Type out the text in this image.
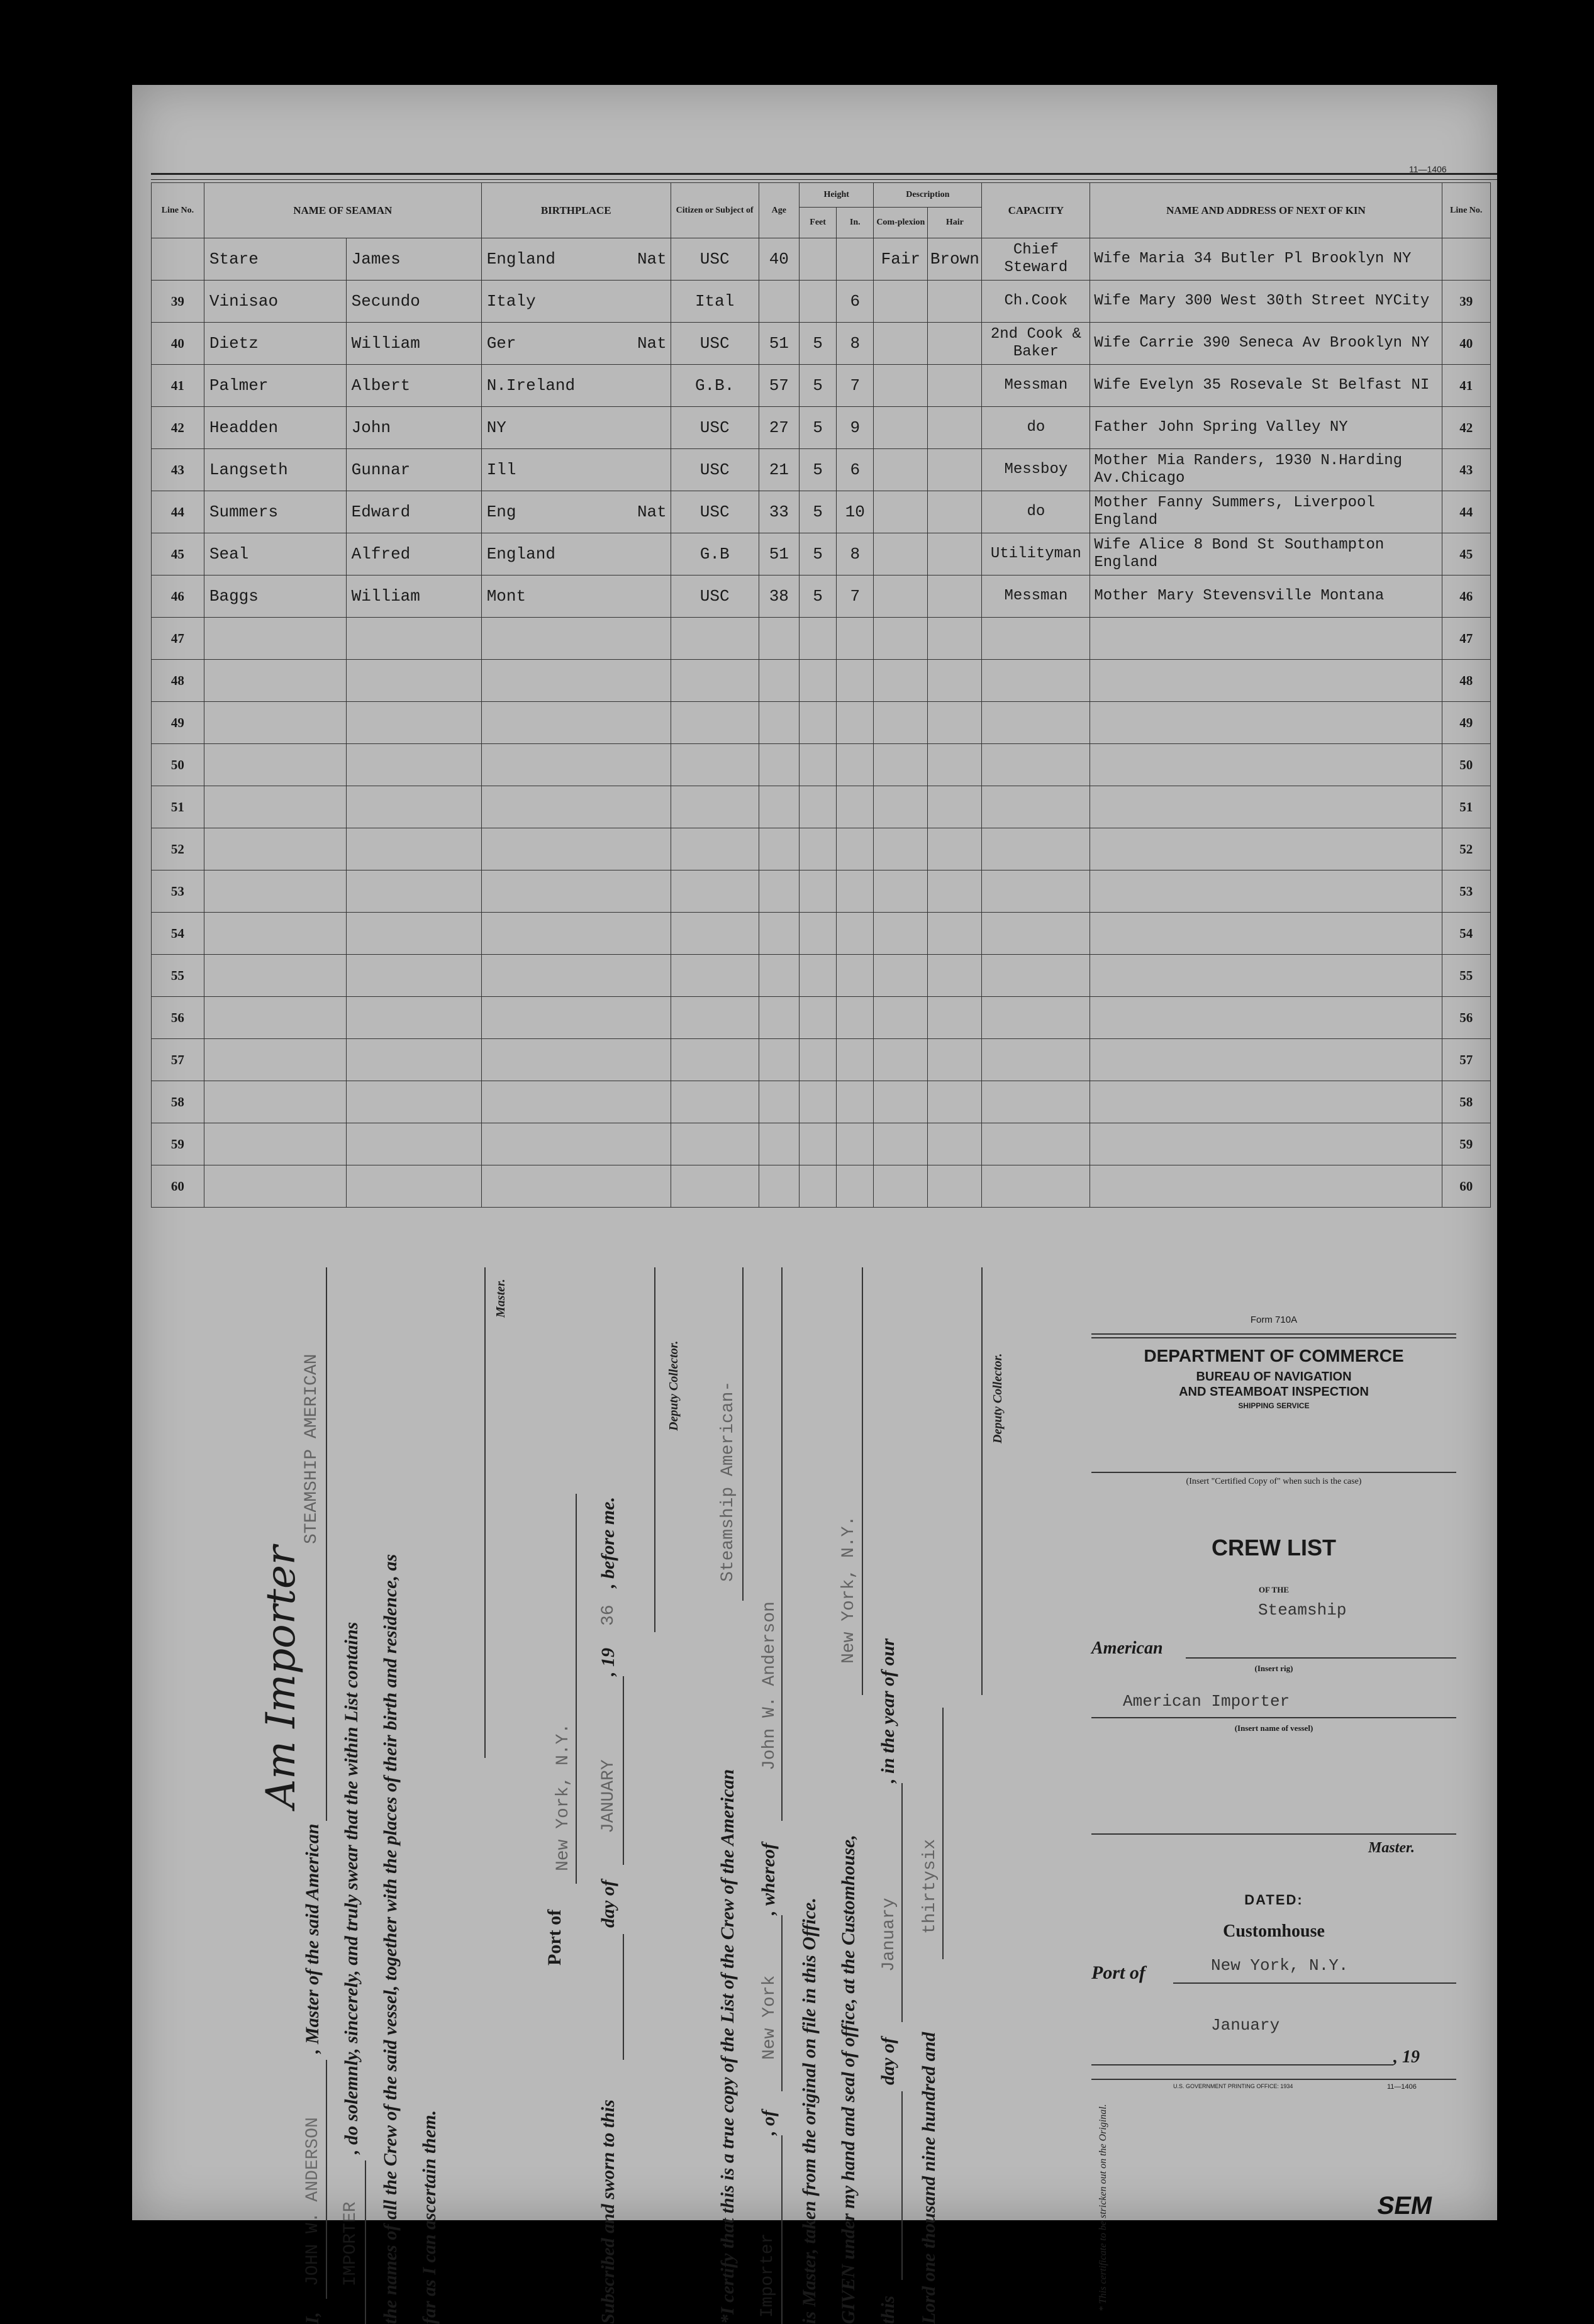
11—1406
Line No.	NAME OF SEAMAN		BIRTHPLACE	Citizen or Subject of	Age	Height		Description		CAPACITY	NAME AND ADDRESS OF NEXT OF KIN	Line No.
						Feet	In.	Com-plexion	Hair			
	Stare	James	England Nat	USC	40			Fair	Brown	Chief Steward	Wife Maria 34 Butler Pl Brooklyn NY	
39	Vinisao	Secundo	Italy	Ital			6			Ch.Cook	Wife Mary 300 West 30th Street NYCity	39
40	Dietz	William	Ger Nat	USC	51	5	8			2nd Cook & Baker	Wife Carrie 390 Seneca Av Brooklyn NY	40
41	Palmer	Albert	N.Ireland	G.B.	57	5	7			Messman	Wife Evelyn 35 Rosevale St Belfast NI	41
42	Headden	John	NY	USC	27	5	9			do	Father John Spring Valley NY	42
43	Langseth	Gunnar	Ill	USC	21	5	6			Messboy	Mother Mia Randers, 1930 N.Harding Av.Chicago	43
44	Summers	Edward	Eng Nat	USC	33	5	10			do	Mother Fanny Summers, Liverpool England	44
45	Seal	Alfred	England	G.B	51	5	8			Utilityman	Wife Alice 8 Bond St Southampton England	45
46	Baggs	William	Mont	USC	38	5	7			Messman	Mother Mary Stevensville Montana	46
47												47
48												48
49												49
50												50
51												51
52												52
53												53
54												54
55												55
56												56
57												57
58												58
59												59
60												60
I,
JOHN W. ANDERSON
, Master of the said American
Am Importer
STEAMSHIP AMERICAN
IMPORTER
, do solemnly, sincerely, and truly swear that the within List contains the names of all the Crew of the said vessel, together with the places of their birth and residence, as far as I can ascertain them.
Master.
Port of
New York, N.Y.
Subscribed and sworn to this
day of
JANUARY
, 19
36
, before me.
Deputy Collector.
*I certify that this is a true copy of the List of the Crew of the American
Steamship American-
Importer
, of
New York
, whereof
John W. Anderson
is Master, taken from the original on file in this Office. GIVEN under my hand and seal of office, at the Customhouse,
New York, N.Y.
this
day of
January
, in the year of our
Lord one thousand nine hundred and
thirtysix
Deputy Collector.
* This certificate to be stricken out on the Original.
Form 710A
DEPARTMENT OF COMMERCE
BUREAU OF NAVIGATION
AND STEAMBOAT INSPECTION
SHIPPING SERVICE
(Insert "Certified Copy of" when such is the case)
CREW LIST
OF THE
Steamship
American
(Insert rig)
American Importer
(Insert name of vessel)
Master.
DATED:
Customhouse
Port of	New York, N.Y.
January
, 19
U.S. GOVERNMENT PRINTING OFFICE: 1934	11—1406
SEM
